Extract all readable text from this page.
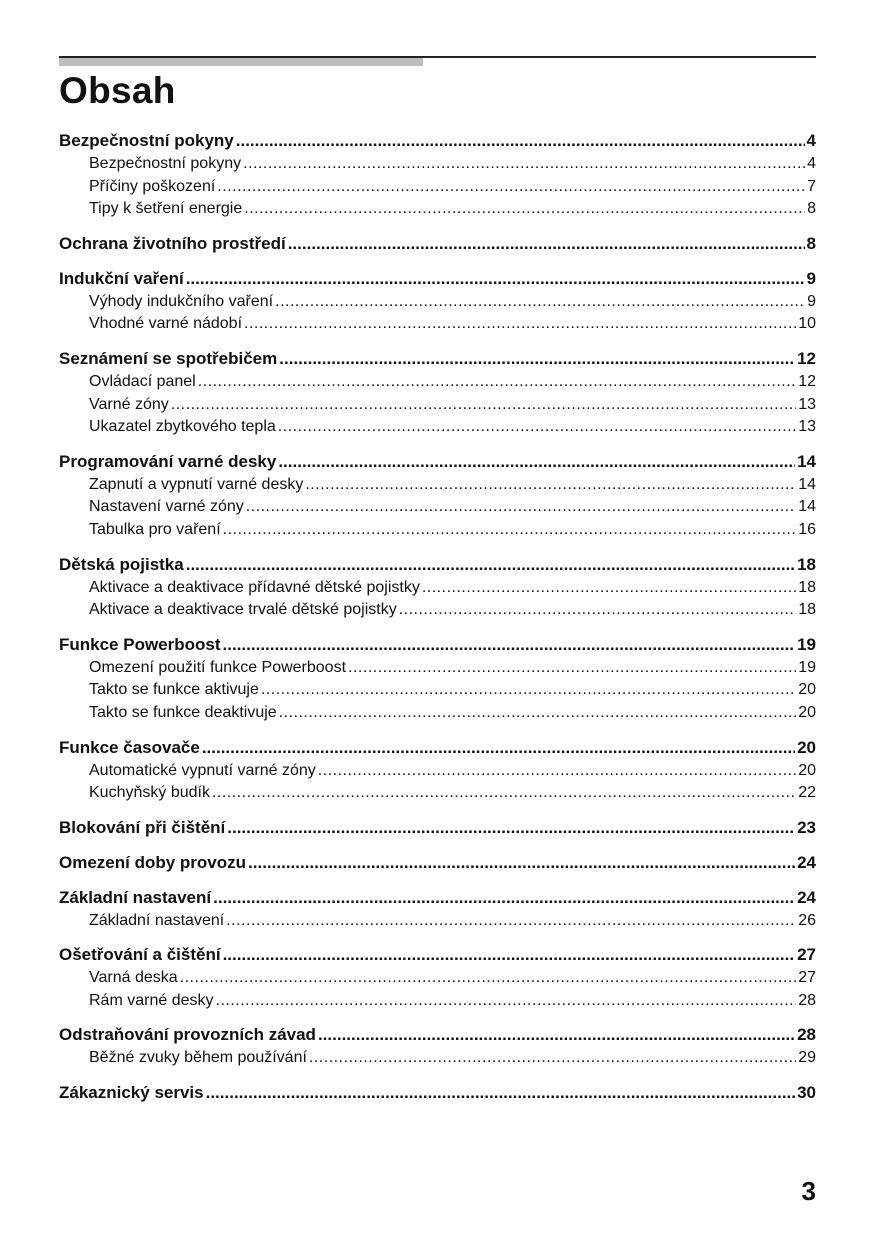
Obsah
Bezpečnostní pokyny .....	4
Bezpečnostní pokyny .....	4
Příčiny poškození .....	7
Tipy k šetření energie .....	8
Ochrana životního prostředí .....	8
Indukční vaření .....	9
Výhody indukčního vaření .....	9
Vhodné varné nádobí .....	10
Seznámení se spotřebičem .....	12
Ovládací panel .....	12
Varné zóny .....	13
Ukazatel zbytkového tepla .....	13
Programování varné desky .....	14
Zapnutí a vypnutí varné desky .....	14
Nastavení varné zóny .....	14
Tabulka pro vaření .....	16
Dětská pojistka .....	18
Aktivace a deaktivace přídavné dětské pojistky .....	18
Aktivace a deaktivace trvalé dětské pojistky .....	18
Funkce Powerboost .....	19
Omezení použití funkce Powerboost .....	19
Takto se funkce aktivuje .....	20
Takto se funkce deaktivuje .....	20
Funkce časovače .....	20
Automatické vypnutí varné zóny .....	20
Kuchyňský budík .....	22
Blokování při čištění .....	23
Omezení doby provozu .....	24
Základní nastavení .....	24
Základní nastavení .....	26
Ošetřování a čištění .....	27
Varná deska .....	27
Rám varné desky .....	28
Odstraňování provozních závad .....	28
Běžné zvuky během používání .....	29
Zákaznický servis .....	30
3
